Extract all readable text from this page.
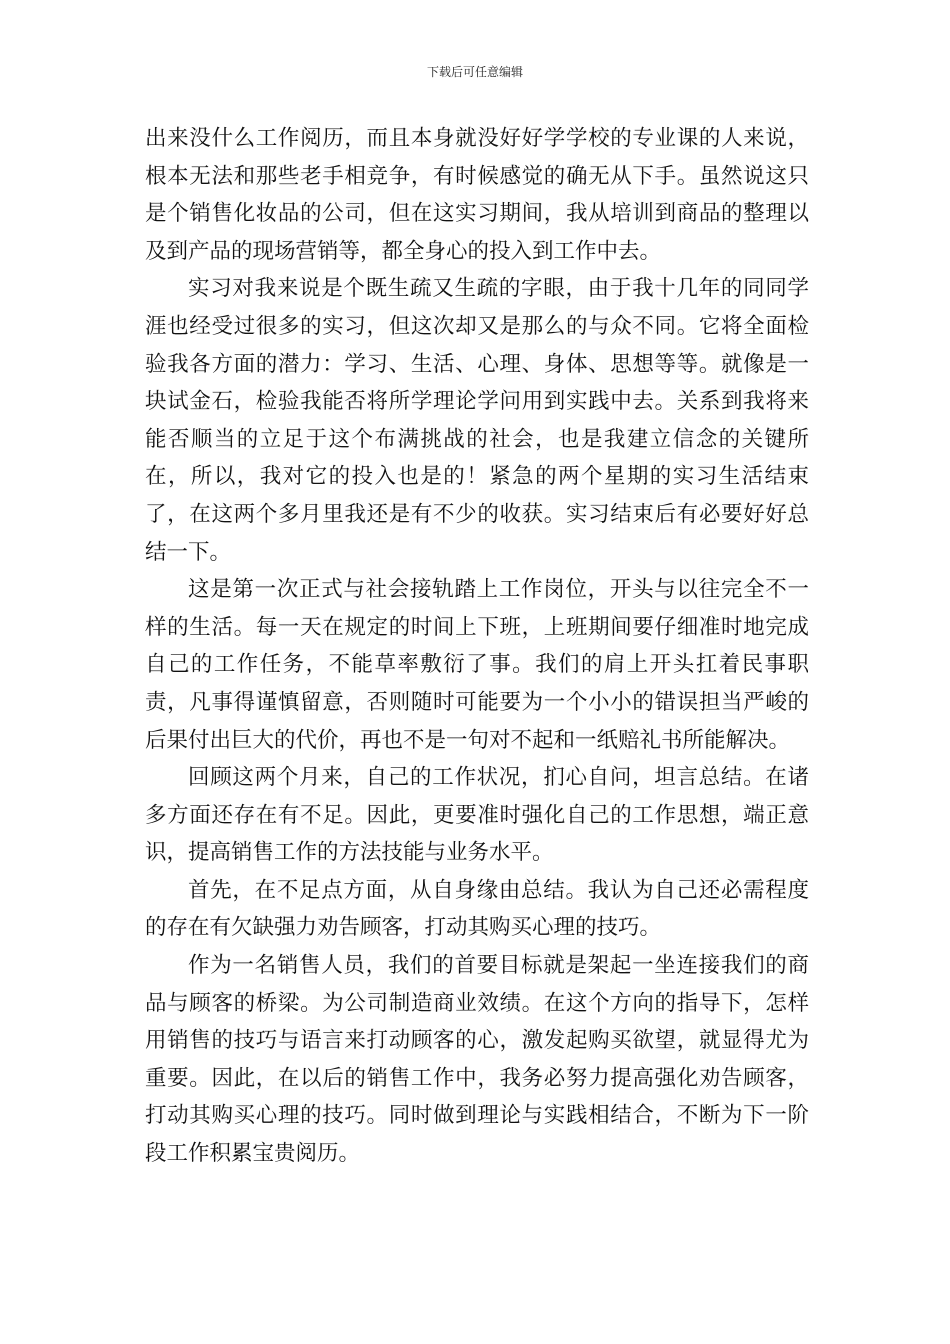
下载后可任意编辑

出来没什么工作阅历，而且本身就没好好学学校的专业课的人来说，根本无法和那些老手相竞争，有时候感觉的确无从下手。虽然说这只是个销售化妆品的公司，但在这实习期间，我从培训到商品的整理以及到产品的现场营销等，都全身心的投入到工作中去。

实习对我来说是个既生疏又生疏的字眼，由于我十几年的同同学涯也经受过很多的实习，但这次却又是那么的与众不同。它将全面检验我各方面的潜力：学习、生活、心理、身体、思想等等。就像是一块试金石，检验我能否将所学理论学问用到实践中去。关系到我将来能否顺当的立足于这个布满挑战的社会，也是我建立信念的关键所在，所以，我对它的投入也是的！紧急的两个星期的实习生活结束了，在这两个多月里我还是有不少的收获。实习结束后有必要好好总结一下。

这是第一次正式与社会接轨踏上工作岗位，开头与以往完全不一样的生活。每一天在规定的时间上下班，上班期间要仔细准时地完成自己的工作任务，不能草率敷衍了事。我们的肩上开头扛着民事职责，凡事得谨慎留意，否则随时可能要为一个小小的错误担当严峻的后果付出巨大的代价，再也不是一句对不起和一纸赔礼书所能解决。

回顾这两个月来，自己的工作状况，扪心自问，坦言总结。在诸多方面还存在有不足。因此，更要准时强化自己的工作思想，端正意识，提高销售工作的方法技能与业务水平。

首先，在不足点方面，从自身缘由总结。我认为自己还必需程度的存在有欠缺强力劝告顾客，打动其购买心理的技巧。

作为一名销售人员，我们的首要目标就是架起一坐连接我们的商品与顾客的桥梁。为公司制造商业效绩。在这个方向的指导下，怎样用销售的技巧与语言来打动顾客的心，激发起购买欲望，就显得尤为重要。因此，在以后的销售工作中，我务必努力提高强化劝告顾客，打动其购买心理的技巧。同时做到理论与实践相结合，不断为下一阶段工作积累宝贵阅历。
